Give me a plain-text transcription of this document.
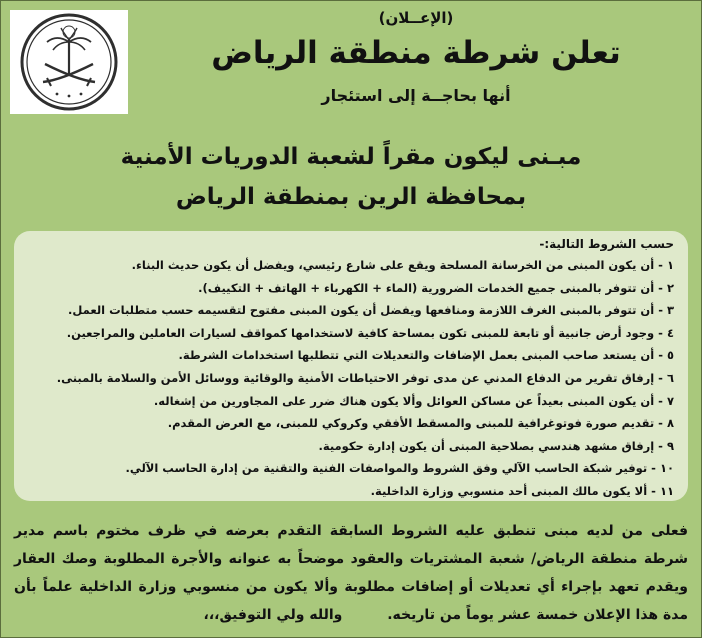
(الإعــلان)
تعلن شرطة منطقة الرياض
أنها بحاجــة إلى استئجار
مبـنى ليكون مقراً لشعبة الدوريات الأمنية
بمحافظة الرين بمنطقة الرياض
حسب الشروط التالية:-
١ - أن يكون المبنى من الخرسانة المسلحة ويقع على شارع رئيسي، ويفضل أن يكون حديث البناء.
٢ - أن تتوفر بالمبنى جميع الخدمات الضرورية (الماء + الكهرباء + الهاتف + التكييف).
٣ - أن تتوفر بالمبنى الغرف اللازمة ومنافعها ويفضل أن يكون المبنى مفتوح لتقسيمه حسب متطلبات العمل.
٤ - وجود أرض جانبية أو تابعة للمبنى تكون بمساحة كافية لاستخدامها كمواقف لسيارات العاملين والمراجعين.
٥ - أن يستعد صاحب المبنى بعمل الإضافات والتعديلات التي تتطلبها استخدامات الشرطة.
٦ - إرفاق تقرير من الدفاع المدني عن مدى توفر الاحتياطات الأمنية والوقائية ووسائل الأمن والسلامة بالمبنى.
٧ - أن يكون المبنى بعيداً عن مساكن العوائل وألا يكون هناك ضرر على المجاورين من إشغاله.
٨ - تقديم صورة فوتوغرافية للمبنى والمسقط الأفقي وكروكي للمبنى، مع العرض المقدم.
٩ - إرفاق مشهد هندسي بصلاحية المبنى أن يكون إدارة حكومية.
١٠ - توفير شبكة الحاسب الآلي وفق الشروط والمواصفات الفنية والتقنية من إدارة الحاسب الآلي.
١١ - ألا يكون مالك المبنى أحد منسوبي وزارة الداخلية.
فعلى من لديه مبنى تنطبق عليه الشروط السابقة التقدم بعرضه في ظرف مختوم باسم مدير شرطة منطقة الرياض/ شعبة المشتريات والعقود موضحاً به عنوانه والأجرة المطلوبة وصك العقار ويقدم تعهد بإجراء أي تعديلات أو إضافات مطلوبة وألا يكون من منسوبي وزارة الداخلية علماً بأن مدة هذا الإعلان خمسة عشر يوماً من تاريخه. والله ولي التوفيق،،،
